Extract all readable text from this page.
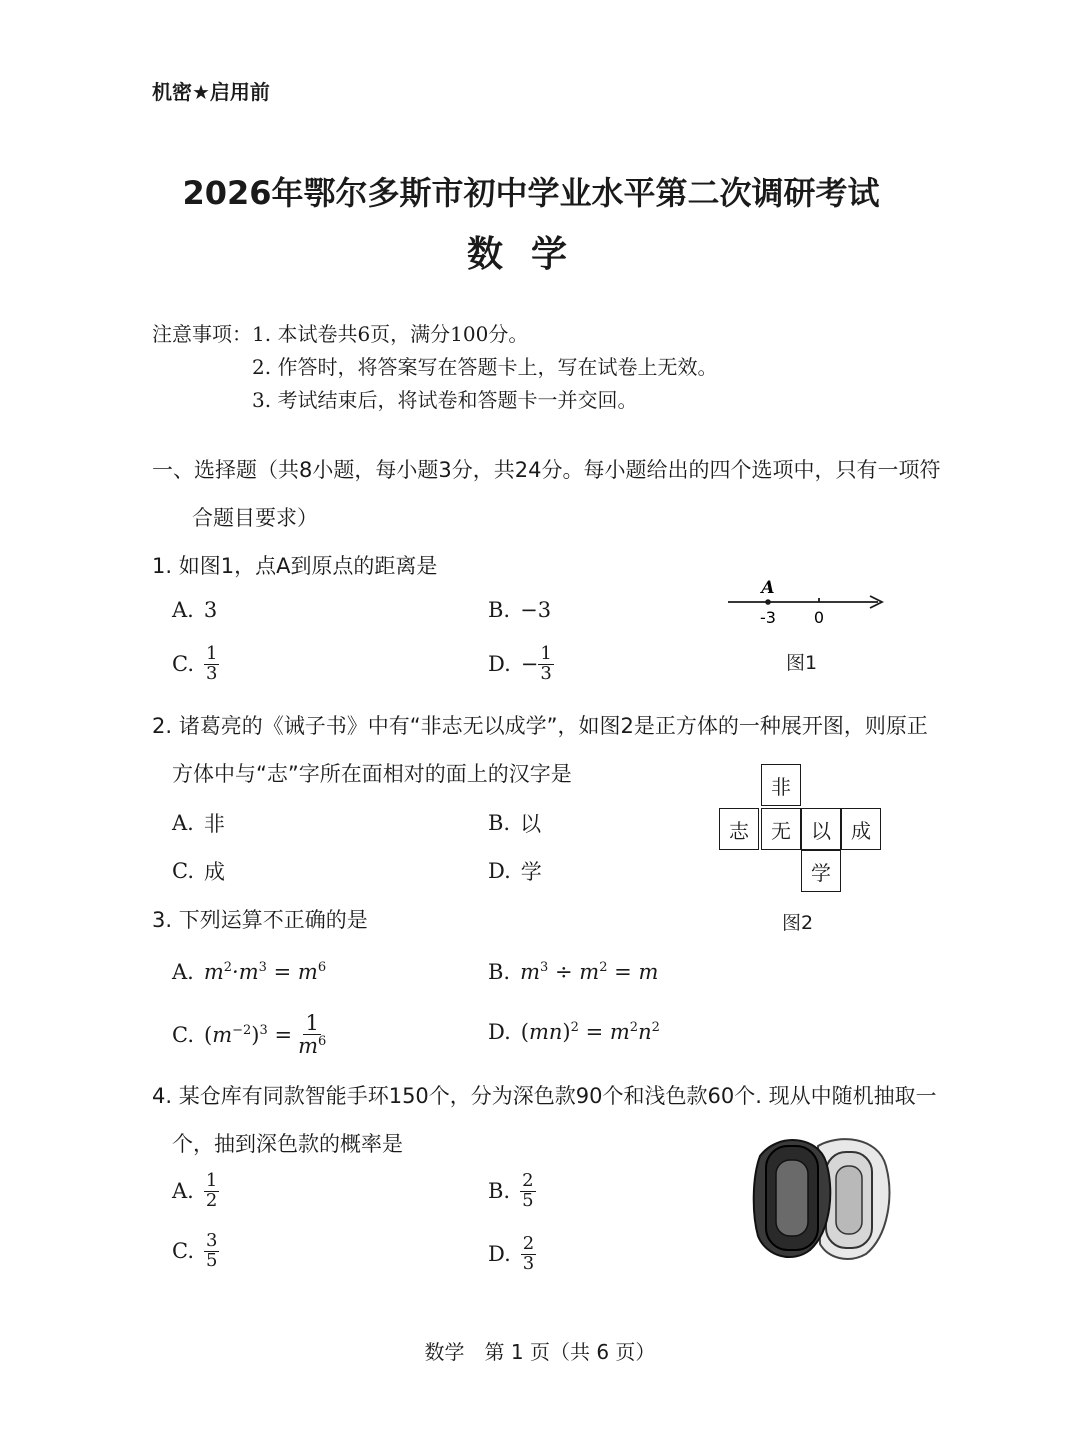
机密★启用前
2026年鄂尔多斯市初中学业水平第二次调研考试
数学
注意事项： 1. 本试卷共6页，满分100分。
2. 作答时，将答案写在答题卡上，写在试卷上无效。
3. 考试结束后，将试卷和答题卡一并交回。
一、选择题（共8小题，每小题3分，共24分。每小题给出的四个选项中，只有一项符
合题目要求）
1. 如图1，点A到原点的距离是
A. 3	B. −3
C. $\frac{1}{3}$	D. − $\frac{1}{3}$
A
-3 0
图1
2. 诸葛亮的《诫子书》中有“非志无以成学”，如图2是正方体的一种展开图，则原正
方体中与“志”字所在面相对的面上的汉字是
A. 非	B. 以
C. 成	D. 学
非
志	无	以	成
学
图2
3. 下列运算不正确的是
A. $m^2\cdot m^3 = m^6$	B. $m^3 \div m^2 = m$
C. $(m^{-2})^3 = \frac{1}{m^6}$	D. $(mn)^2 = m^2n^2$
4. 某仓库有同款智能手环150个，分为深色款90个和浅色款60个. 现从中随机抽取一
个，抽到深色款的概率是
A. $\frac{1}{2}$	B. $\frac{2}{5}$
C. $\frac{3}{5}$	D. $\frac{2}{3}$
数学　第 1 页（共 6 页）
